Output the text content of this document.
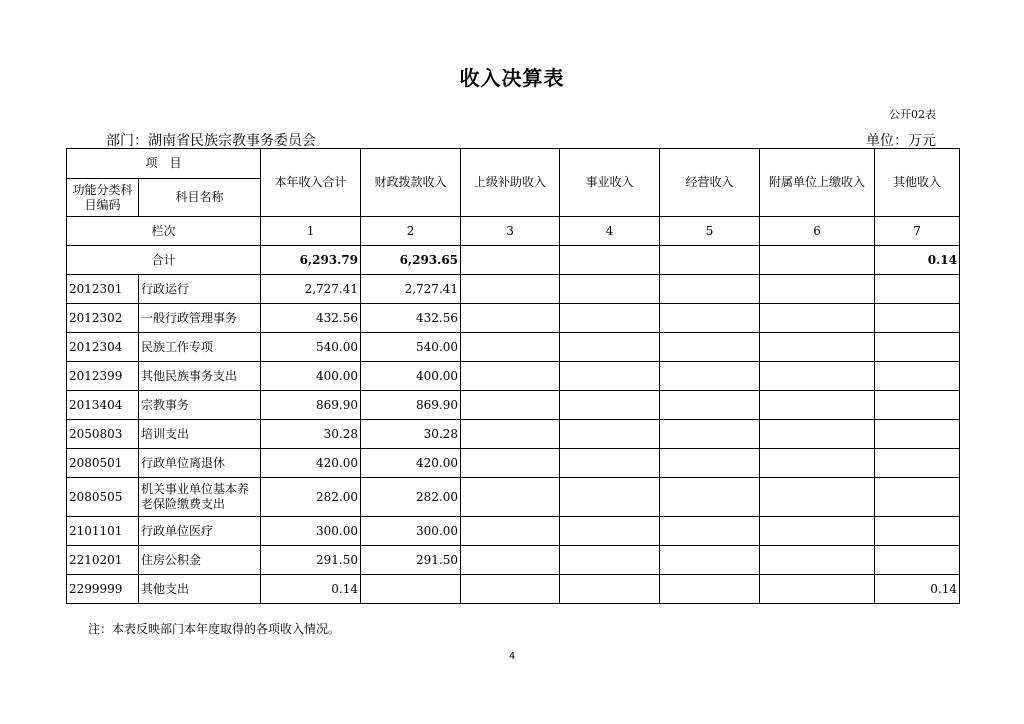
收入决算表
公开02表
部门：湖南省民族宗教事务委员会	单位：万元
项　目		本年收入合计	财政拨款收入	上级补助收入	事业收入	经营收入	附属单位上缴收入	其他收入
功能分类科目编码	科目名称							
栏次		1	2	3	4	5	6	7
合计		6,293.79	6,293.65					0.14
2012301	行政运行	2,727.41	2,727.41					
2012302	一般行政管理事务	432.56	432.56					
2012304	民族工作专项	540.00	540.00					
2012399	其他民族事务支出	400.00	400.00					
2013404	宗教事务	869.90	869.90					
2050803	培训支出	30.28	30.28					
2080501	行政单位离退休	420.00	420.00					
2080505	机关事业单位基本养老保险缴费支出	282.00	282.00					
2101101	行政单位医疗	300.00	300.00					
2210201	住房公积金	291.50	291.50					
2299999	其他支出	0.14						0.14
注：本表反映部门本年度取得的各项收入情况。
4
